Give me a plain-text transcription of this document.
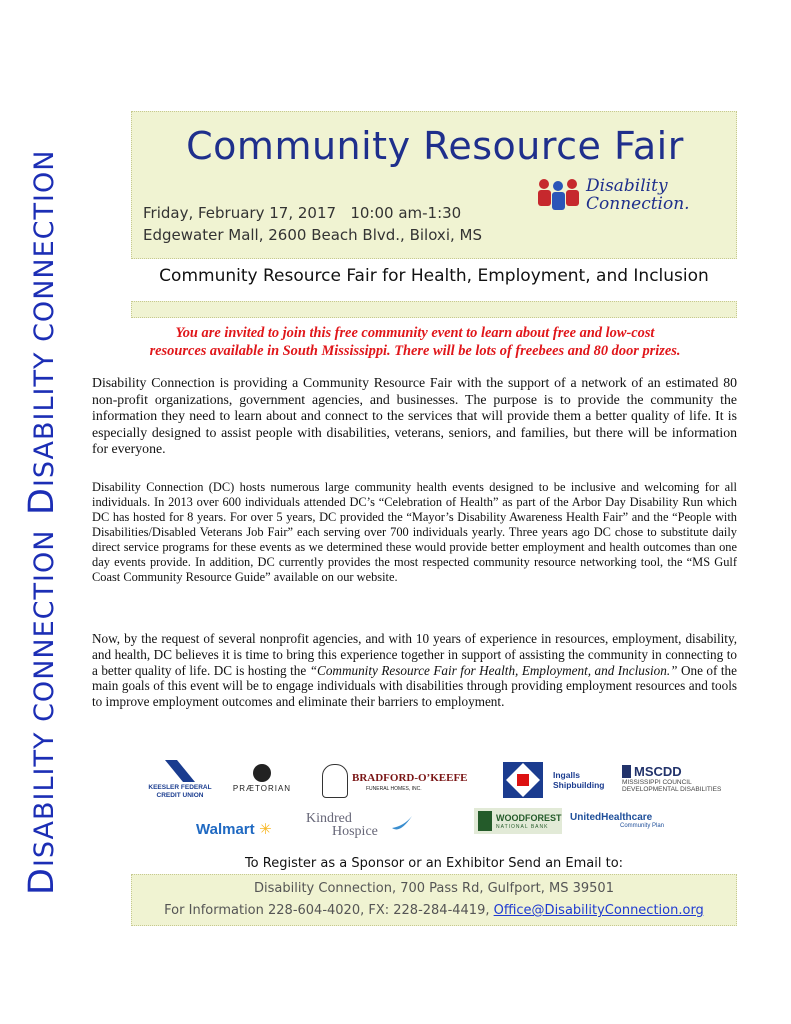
DISABILITY CONNECTION
DISABILITY CONNECTION
Community Resource Fair
Friday, February 17, 2017   10:00 am-1:30
Edgewater Mall, 2600 Beach Blvd., Biloxi, MS
Disability
Connection.
Community Resource Fair for Health, Employment, and Inclusion
You are invited to join this free community event to learn about free and low-cost
resources available in South Mississippi. There will be lots of freebees and 80 door prizes.
Disability Connection is providing a Community Resource Fair with the support of a network of an estimated 80 non-profit organizations, government agencies, and businesses. The purpose is to provide the community the information they need to learn about and connect to the services that will provide them a better quality of life. It is especially designed to assist people with disabilities, veterans, seniors, and families, but there will be information for everyone.
Disability Connection (DC) hosts numerous large community health events designed to be inclusive and welcoming for all individuals. In 2013 over 600 individuals attended DC’s “Celebration of Health” as part of the Arbor Day Disability Run which DC has hosted for 8 years. For over 5 years, DC provided the “Mayor’s Disability Awareness Health Fair” and the “People with Disabilities/Disabled Veterans Job Fair” each serving over 700 individuals yearly. Three years ago DC chose to substitute daily direct service programs for these events as we determined these would provide better employment and health outcomes than one day events provide. In addition, DC currently provides the most respected community resource networking tool, the “MS Gulf Coast Community Resource Guide” available on our website.
Now, by the request of several nonprofit agencies, and with 10 years of experience in resources, employment, disability, and health, DC believes it is time to bring this experience together in support of assisting the community in connecting to a better quality of life. DC is hosting the “Community Resource Fair for Health, Employment, and Inclusion.” One of the main goals of this event will be to engage individuals with disabilities through providing employment resources and tools to improve employment outcomes and eliminate their barriers to employment.
KEESLER FEDERAL
CREDIT UNION
PRÆTORIAN
BRADFORD-O’KEEFE
FUNERAL HOMES, INC.
Ingalls
Shipbuilding
MSCDD
MISSISSIPPI COUNCIL
DEVELOPMENTAL DISABILITIES
Walmart ✳
Kindred
Hospice
WOODFOREST
NATIONAL BANK
UnitedHealthcare
Community Plan
To Register as a Sponsor or an Exhibitor Send an Email to:
Disability Connection, 700 Pass Rd, Gulfport, MS 39501
For Information 228-604-4020, FX: 228-284-4419, Office@DisabilityConnection.org
